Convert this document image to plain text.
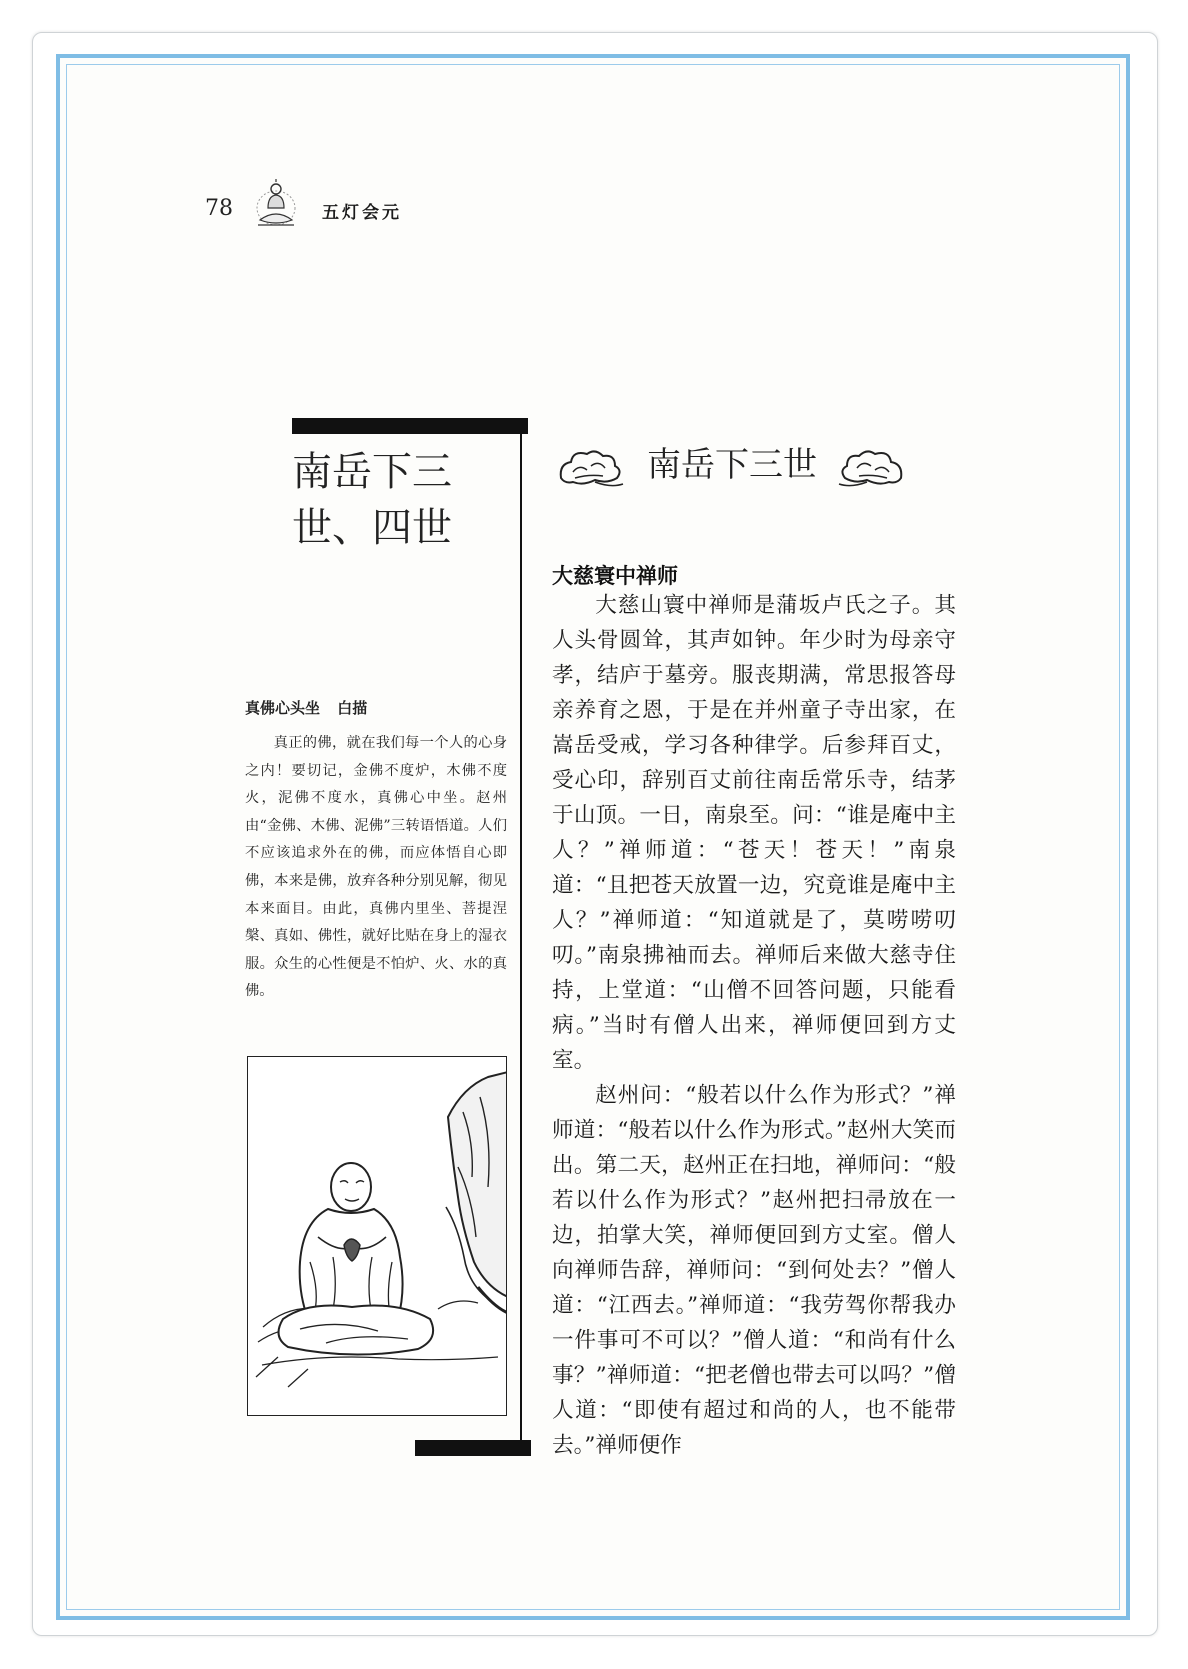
78	五灯会元
南岳下三世、四世
真佛心头坐 白描

真正的佛，就在我们每一个人的心身之内！要切记，金佛不度炉，木佛不度火，泥佛不度水，真佛心中坐。赵州由“金佛、木佛、泥佛”三转语悟道。人们不应该追求外在的佛，而应体悟自心即佛，本来是佛，放弃各种分别见解，彻见本来面目。由此，真佛内里坐、菩提涅槃、真如、佛性，就好比贴在身上的湿衣服。众生的心性便是不怕炉、火、水的真佛。

南岳下三世
大慈寰中禅师

大慈山寰中禅师是蒲坂卢氏之子。其人头骨圆耸，其声如钟。年少时为母亲守孝，结庐于墓旁。服丧期满，常思报答母亲养育之恩，于是在并州童子寺出家，在嵩岳受戒，学习各种律学。后参拜百丈，受心印，辞别百丈前往南岳常乐寺，结茅于山顶。一日，南泉至。问：“谁是庵中主人？”禅师道：“苍天！苍天！”南泉道：“且把苍天放置一边，究竟谁是庵中主人？”禅师道：“知道就是了，莫唠唠叨叨。”南泉拂袖而去。禅师后来做大慈寺住持，上堂道：“山僧不回答问题，只能看病。”当时有僧人出来，禅师便回到方丈室。

赵州问：“般若以什么作为形式？”禅师道：“般若以什么作为形式。”赵州大笑而出。第二天，赵州正在扫地，禅师问：“般若以什么作为形式？”赵州把扫帚放在一边，拍掌大笑，禅师便回到方丈室。僧人向禅师告辞，禅师问：“到何处去？”僧人道：“江西去。”禅师道：“我劳驾你帮我办一件事可不可以？”僧人道：“和尚有什么事？”禅师道：“把老僧也带去可以吗？”僧人道：“即使有超过和尚的人，也不能带去。”禅师便作
